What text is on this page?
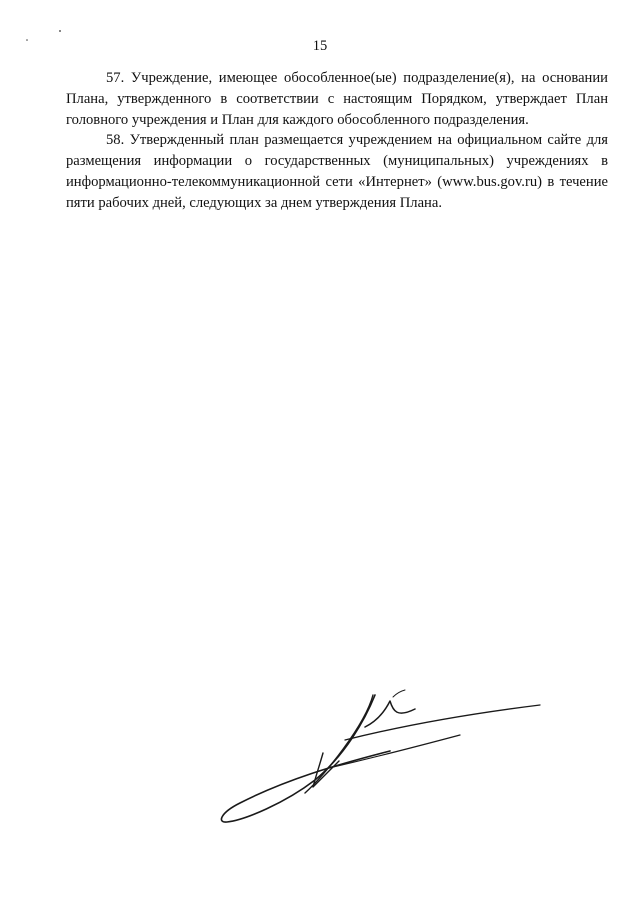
15

57. Учреждение, имеющее обособленное(ые) подразделение(я), на основании Плана, утвержденного в соответствии с настоящим Порядком, утверждает План головного учреждения и План для каждого обособленного подразделения.

58. Утвержденный план размещается учреждением на официальном сайте для размещения информации о государственных (муниципальных) учреждениях в информационно-телекоммуникационной сети «Интернет» (www.bus.gov.ru) в течение пяти рабочих дней, следующих за днем утверждения Плана.
